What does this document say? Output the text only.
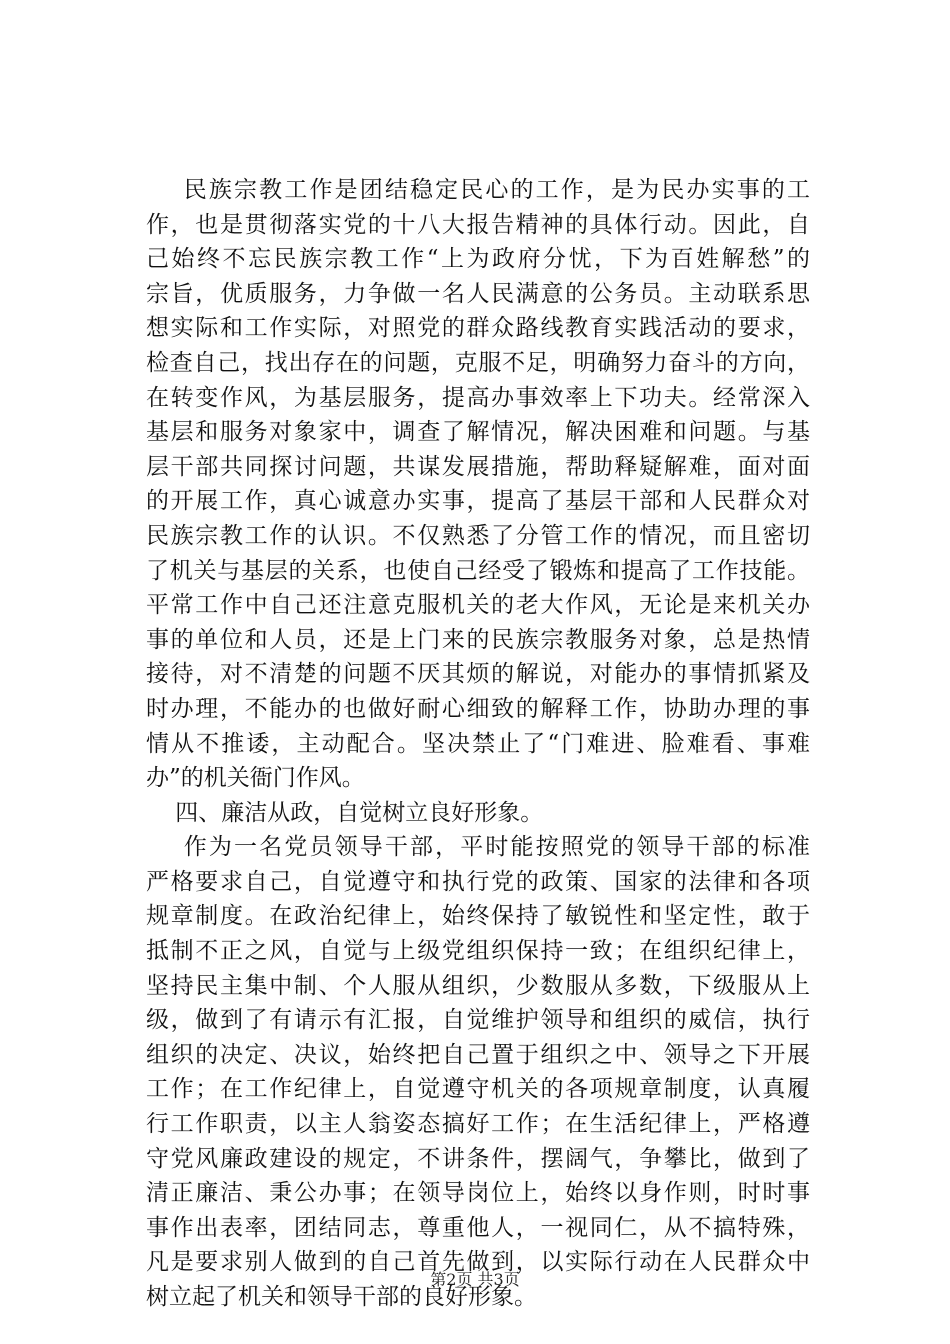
民族宗教工作是团结稳定民心的工作，是为民办实事的工
作，也是贯彻落实党的十八大报告精神的具体行动。因此，自
己始终不忘民族宗教工作“上为政府分忧，下为百姓解愁”的
宗旨，优质服务，力争做一名人民满意的公务员。主动联系思
想实际和工作实际，对照党的群众路线教育实践活动的要求，
检查自己，找出存在的问题，克服不足，明确努力奋斗的方向，
在转变作风，为基层服务，提高办事效率上下功夫。经常深入
基层和服务对象家中，调查了解情况，解决困难和问题。与基
层干部共同探讨问题，共谋发展措施，帮助释疑解难，面对面
的开展工作，真心诚意办实事，提高了基层干部和人民群众对
民族宗教工作的认识。不仅熟悉了分管工作的情况，而且密切
了机关与基层的关系，也使自己经受了锻炼和提高了工作技能。
平常工作中自己还注意克服机关的老大作风，无论是来机关办
事的单位和人员，还是上门来的民族宗教服务对象，总是热情
接待，对不清楚的问题不厌其烦的解说，对能办的事情抓紧及
时办理，不能办的也做好耐心细致的解释工作，协助办理的事
情从不推诿，主动配合。坚决禁止了“门难进、脸难看、事难
办”的机关衙门作风。
四、廉洁从政，自觉树立良好形象。
作为一名党员领导干部，平时能按照党的领导干部的标准
严格要求自己，自觉遵守和执行党的政策、国家的法律和各项
规章制度。在政治纪律上，始终保持了敏锐性和坚定性，敢于
抵制不正之风，自觉与上级党组织保持一致；在组织纪律上，
坚持民主集中制、个人服从组织，少数服从多数，下级服从上
级，做到了有请示有汇报，自觉维护领导和组织的威信，执行
组织的决定、决议，始终把自己置于组织之中、领导之下开展
工作；在工作纪律上，自觉遵守机关的各项规章制度，认真履
行工作职责，以主人翁姿态搞好工作；在生活纪律上，严格遵
守党风廉政建设的规定，不讲条件，摆阔气，争攀比，做到了
清正廉洁、秉公办事；在领导岗位上，始终以身作则，时时事
事作出表率，团结同志，尊重他人，一视同仁，从不搞特殊，
凡是要求别人做到的自己首先做到，以实际行动在人民群众中
树立起了机关和领导干部的良好形象。
第2页 共3页
